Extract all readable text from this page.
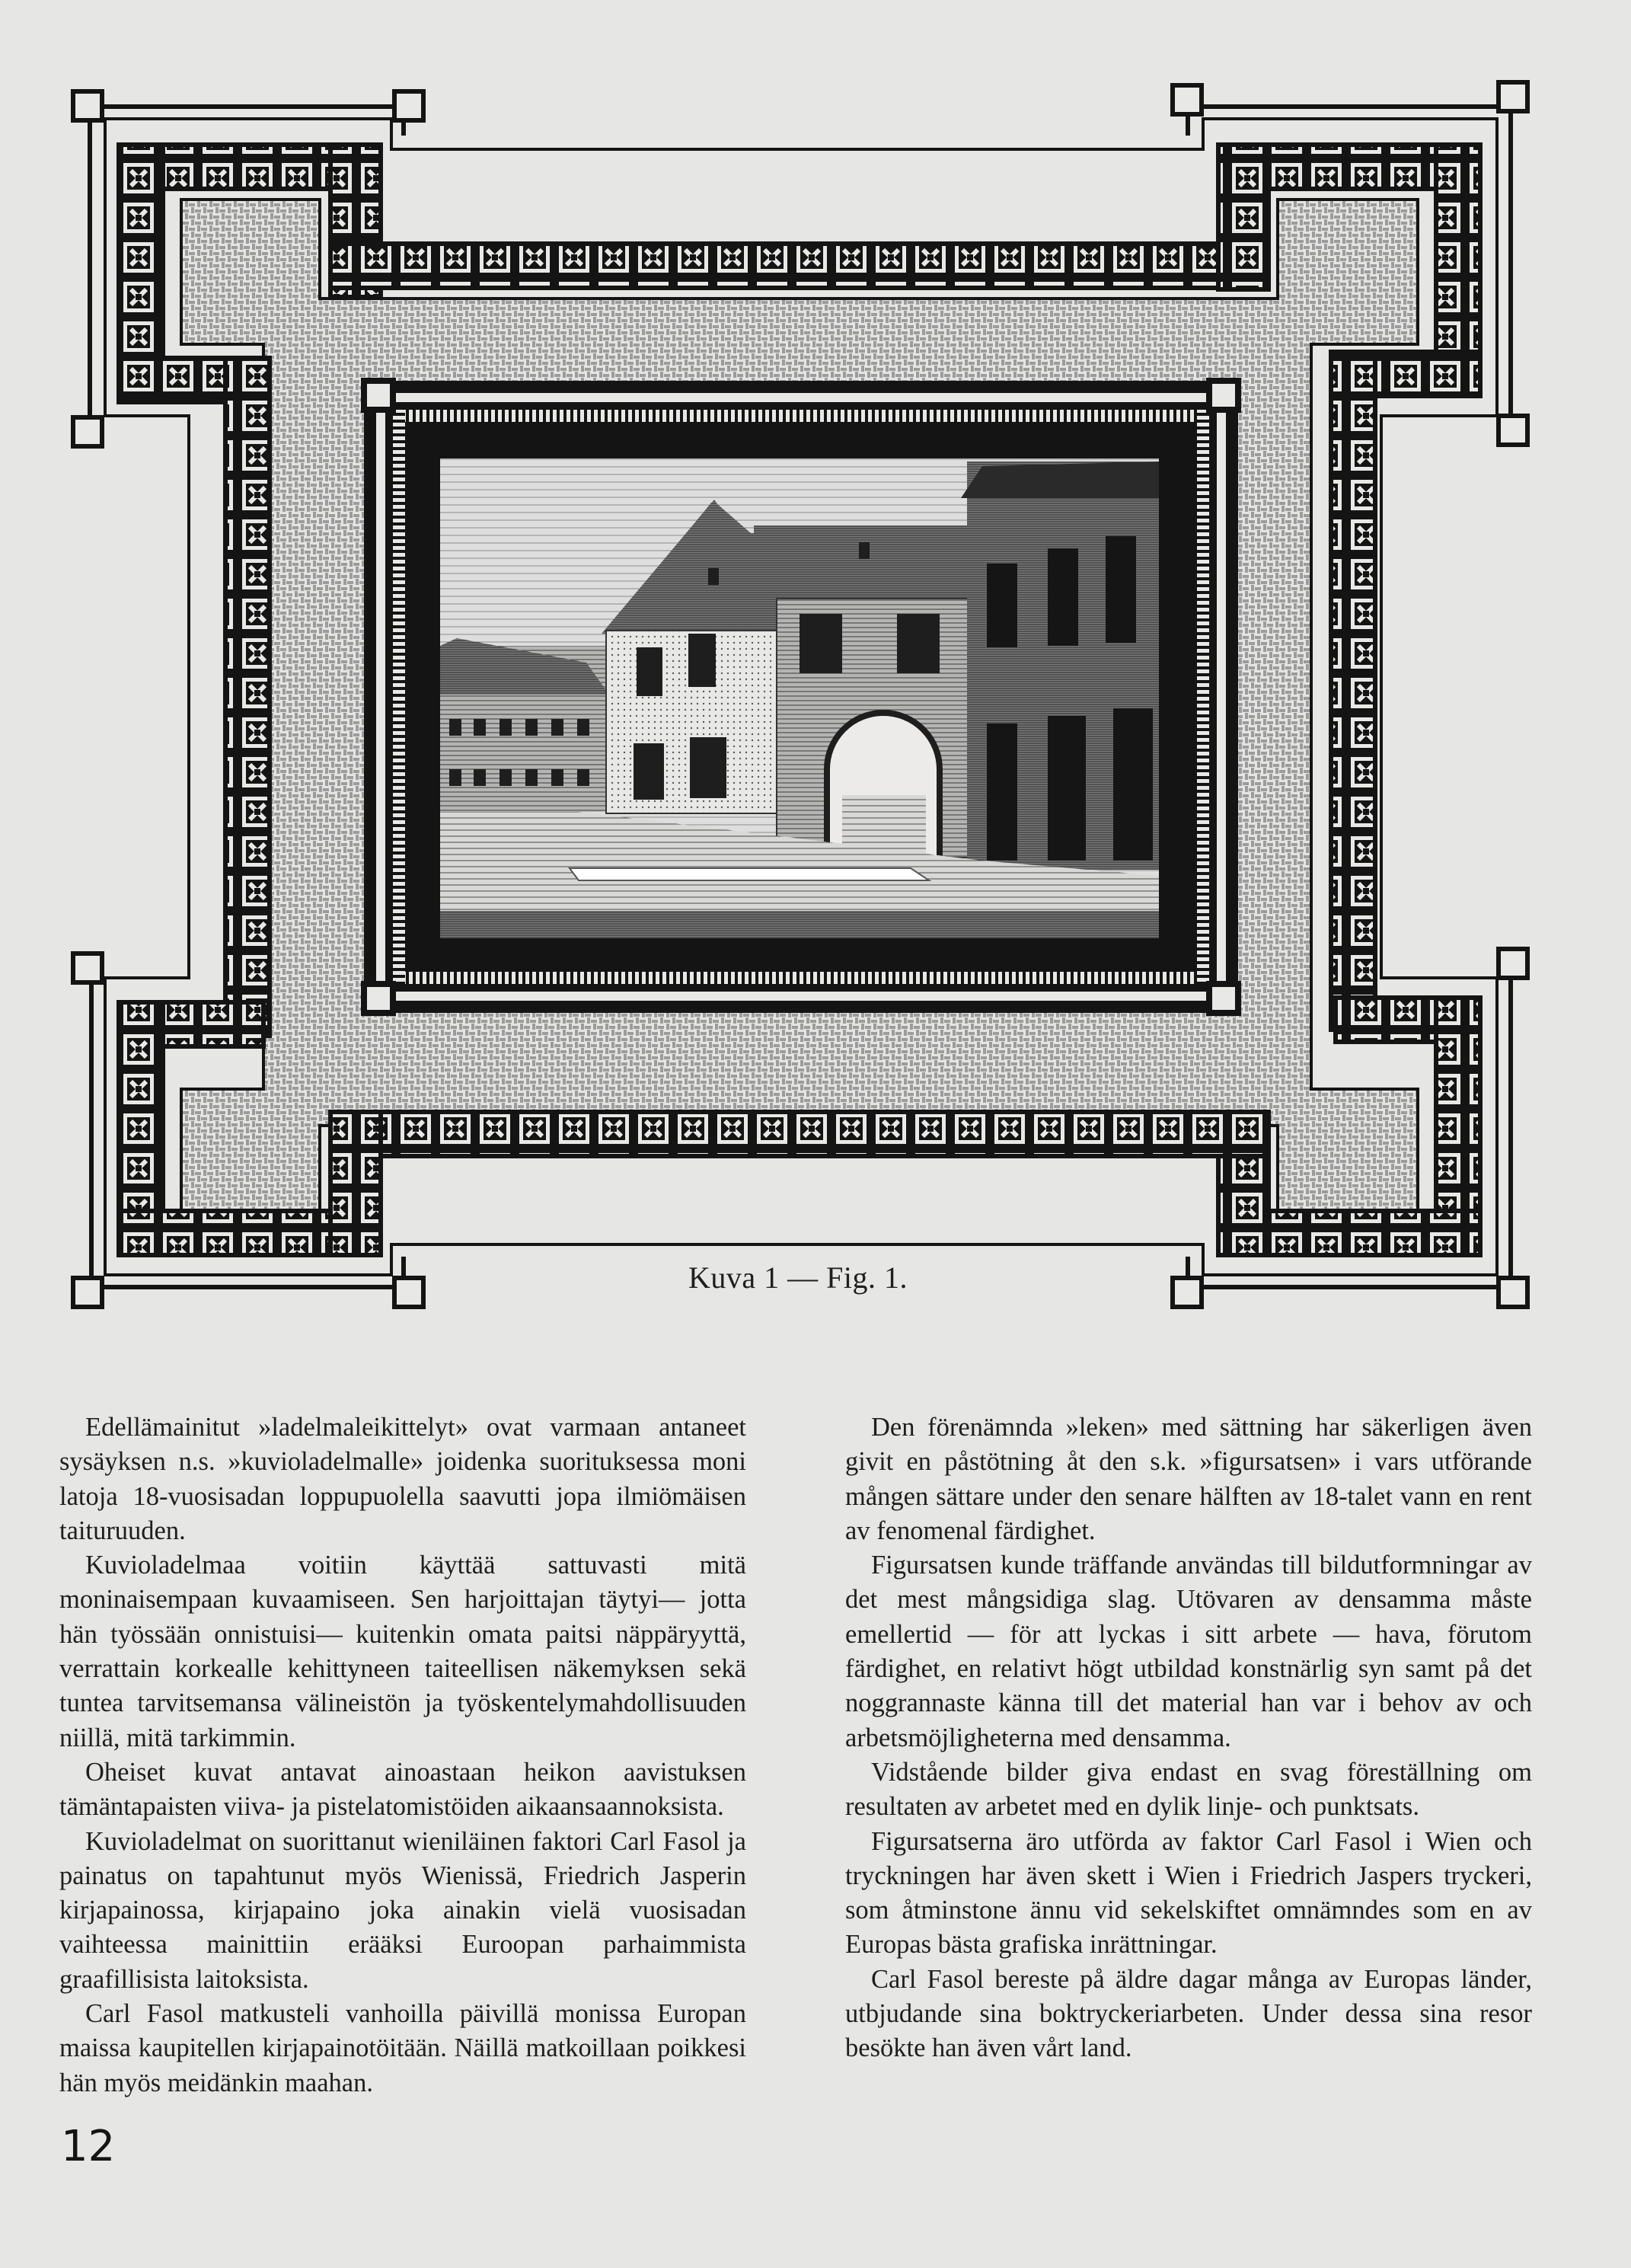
Kuva 1 — Fig. 1.

Edellämainitut »ladelmaleikittelyt» ovat varmaan antaneet sysäyksen n.s. »kuvioladelmalle» joidenka suorituksessa moni latoja 18-vuosisadan loppupuolella saavutti jopa ilmiömäisen taituruuden.

Kuvioladelmaa voitiin käyttää sattuvasti mitä moninaisempaan kuvaamiseen. Sen harjoittajan täytyi— jotta hän työssään onnistuisi— kuitenkin omata paitsi näppäryyttä, verrattain korkealle kehittyneen taiteellisen näkemyksen sekä tuntea tarvitsemansa välineistön ja työskentelymahdollisuuden niillä, mitä tarkimmin.

Oheiset kuvat antavat ainoastaan heikon aavistuksen tämäntapaisten viiva- ja pistelatomistöiden aikaansaannoksista.

Kuvioladelmat on suorittanut wieniläinen faktori Carl Fasol ja painatus on tapahtunut myös Wienissä, Friedrich Jasperin kirjapainossa, kirjapaino joka ainakin vielä vuosisadan vaihteessa mainittiin erääksi Euroopan parhaimmista graafillisista laitoksista.

Carl Fasol matkusteli vanhoilla päivillä monissa Europan maissa kaupitellen kirjapainotöitään. Näillä matkoillaan poikkesi hän myös meidänkin maahan.

Den förenämnda »leken» med sättning har säkerligen även givit en påstötning åt den s.k. »figursatsen» i vars utförande mången sättare under den senare hälften av 18-talet vann en rent av fenomenal färdighet.

Figursatsen kunde träffande användas till bildutformningar av det mest mångsidiga slag. Utövaren av densamma måste emellertid — för att lyckas i sitt arbete — hava, förutom färdighet, en relativt högt utbildad konstnärlig syn samt på det noggrannaste känna till det material han var i behov av och arbetsmöjligheterna med densamma.

Vidstående bilder giva endast en svag föreställning om resultaten av arbetet med en dylik linje- och punktsats.

Figursatserna äro utförda av faktor Carl Fasol i Wien och tryckningen har även skett i Wien i Friedrich Jaspers tryckeri, som åtminstone ännu vid sekelskiftet omnämndes som en av Europas bästa grafiska inrättningar.

Carl Fasol bereste på äldre dagar många av Europas länder, utbjudande sina boktryckeriarbeten. Under dessa sina resor besökte han även vårt land.

12
